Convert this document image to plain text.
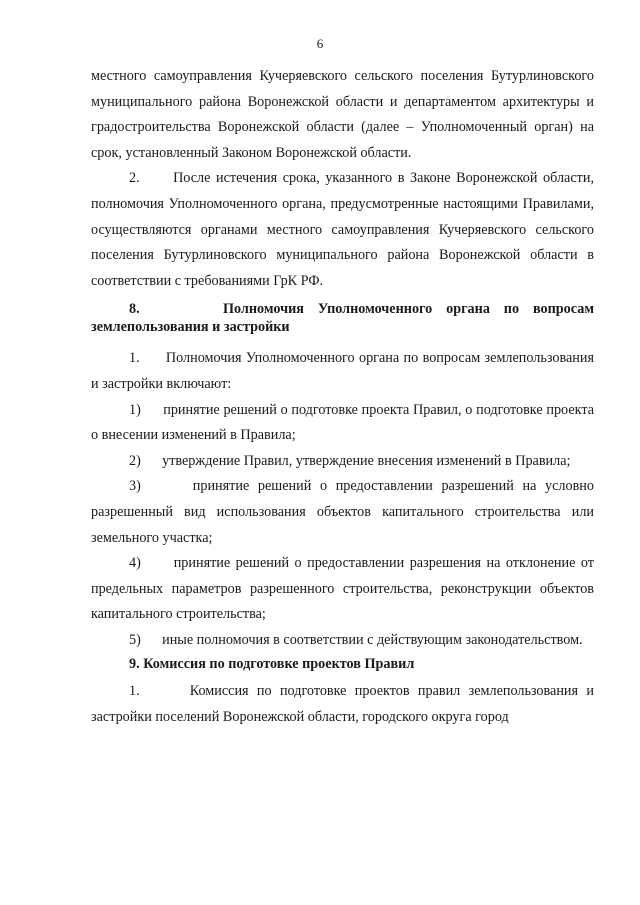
6

местного самоуправления Кучеряевского сельского поселения Бутурлиновского муниципального района Воронежской области и департаментом архитектуры и градостроительства Воронежской области (далее – Уполномоченный орган) на срок, установленный Законом Воронежской области.

2.      После истечения срока, указанного в Законе Воронежской области, полномочия Уполномоченного органа, предусмотренные настоящими Правилами, осуществляются органами местного самоуправления Кучеряевского сельского поселения Бутурлиновского муниципального района Воронежской области в соответствии с требованиями ГрК РФ.

8.      Полномочия Уполномоченного органа по вопросам землепользования и застройки

1.      Полномочия Уполномоченного органа по вопросам землепользования и застройки включают:

1)      принятие решений о подготовке проекта Правил, о подготовке проекта о внесении изменений в Правила;

2)      утверждение Правил, утверждение внесения изменений в Правила;

3)      принятие решений о предоставлении разрешений на условно разрешенный вид использования объектов капитального строительства или земельного участка;

4)      принятие решений о предоставлении разрешения на отклонение от предельных параметров разрешенного строительства, реконструкции объектов капитального строительства;

5)      иные полномочия в соответствии с действующим законодательством.

9. Комиссия по подготовке проектов Правил

1.      Комиссия по подготовке проектов правил землепользования и застройки поселений Воронежской области, городского округа город
